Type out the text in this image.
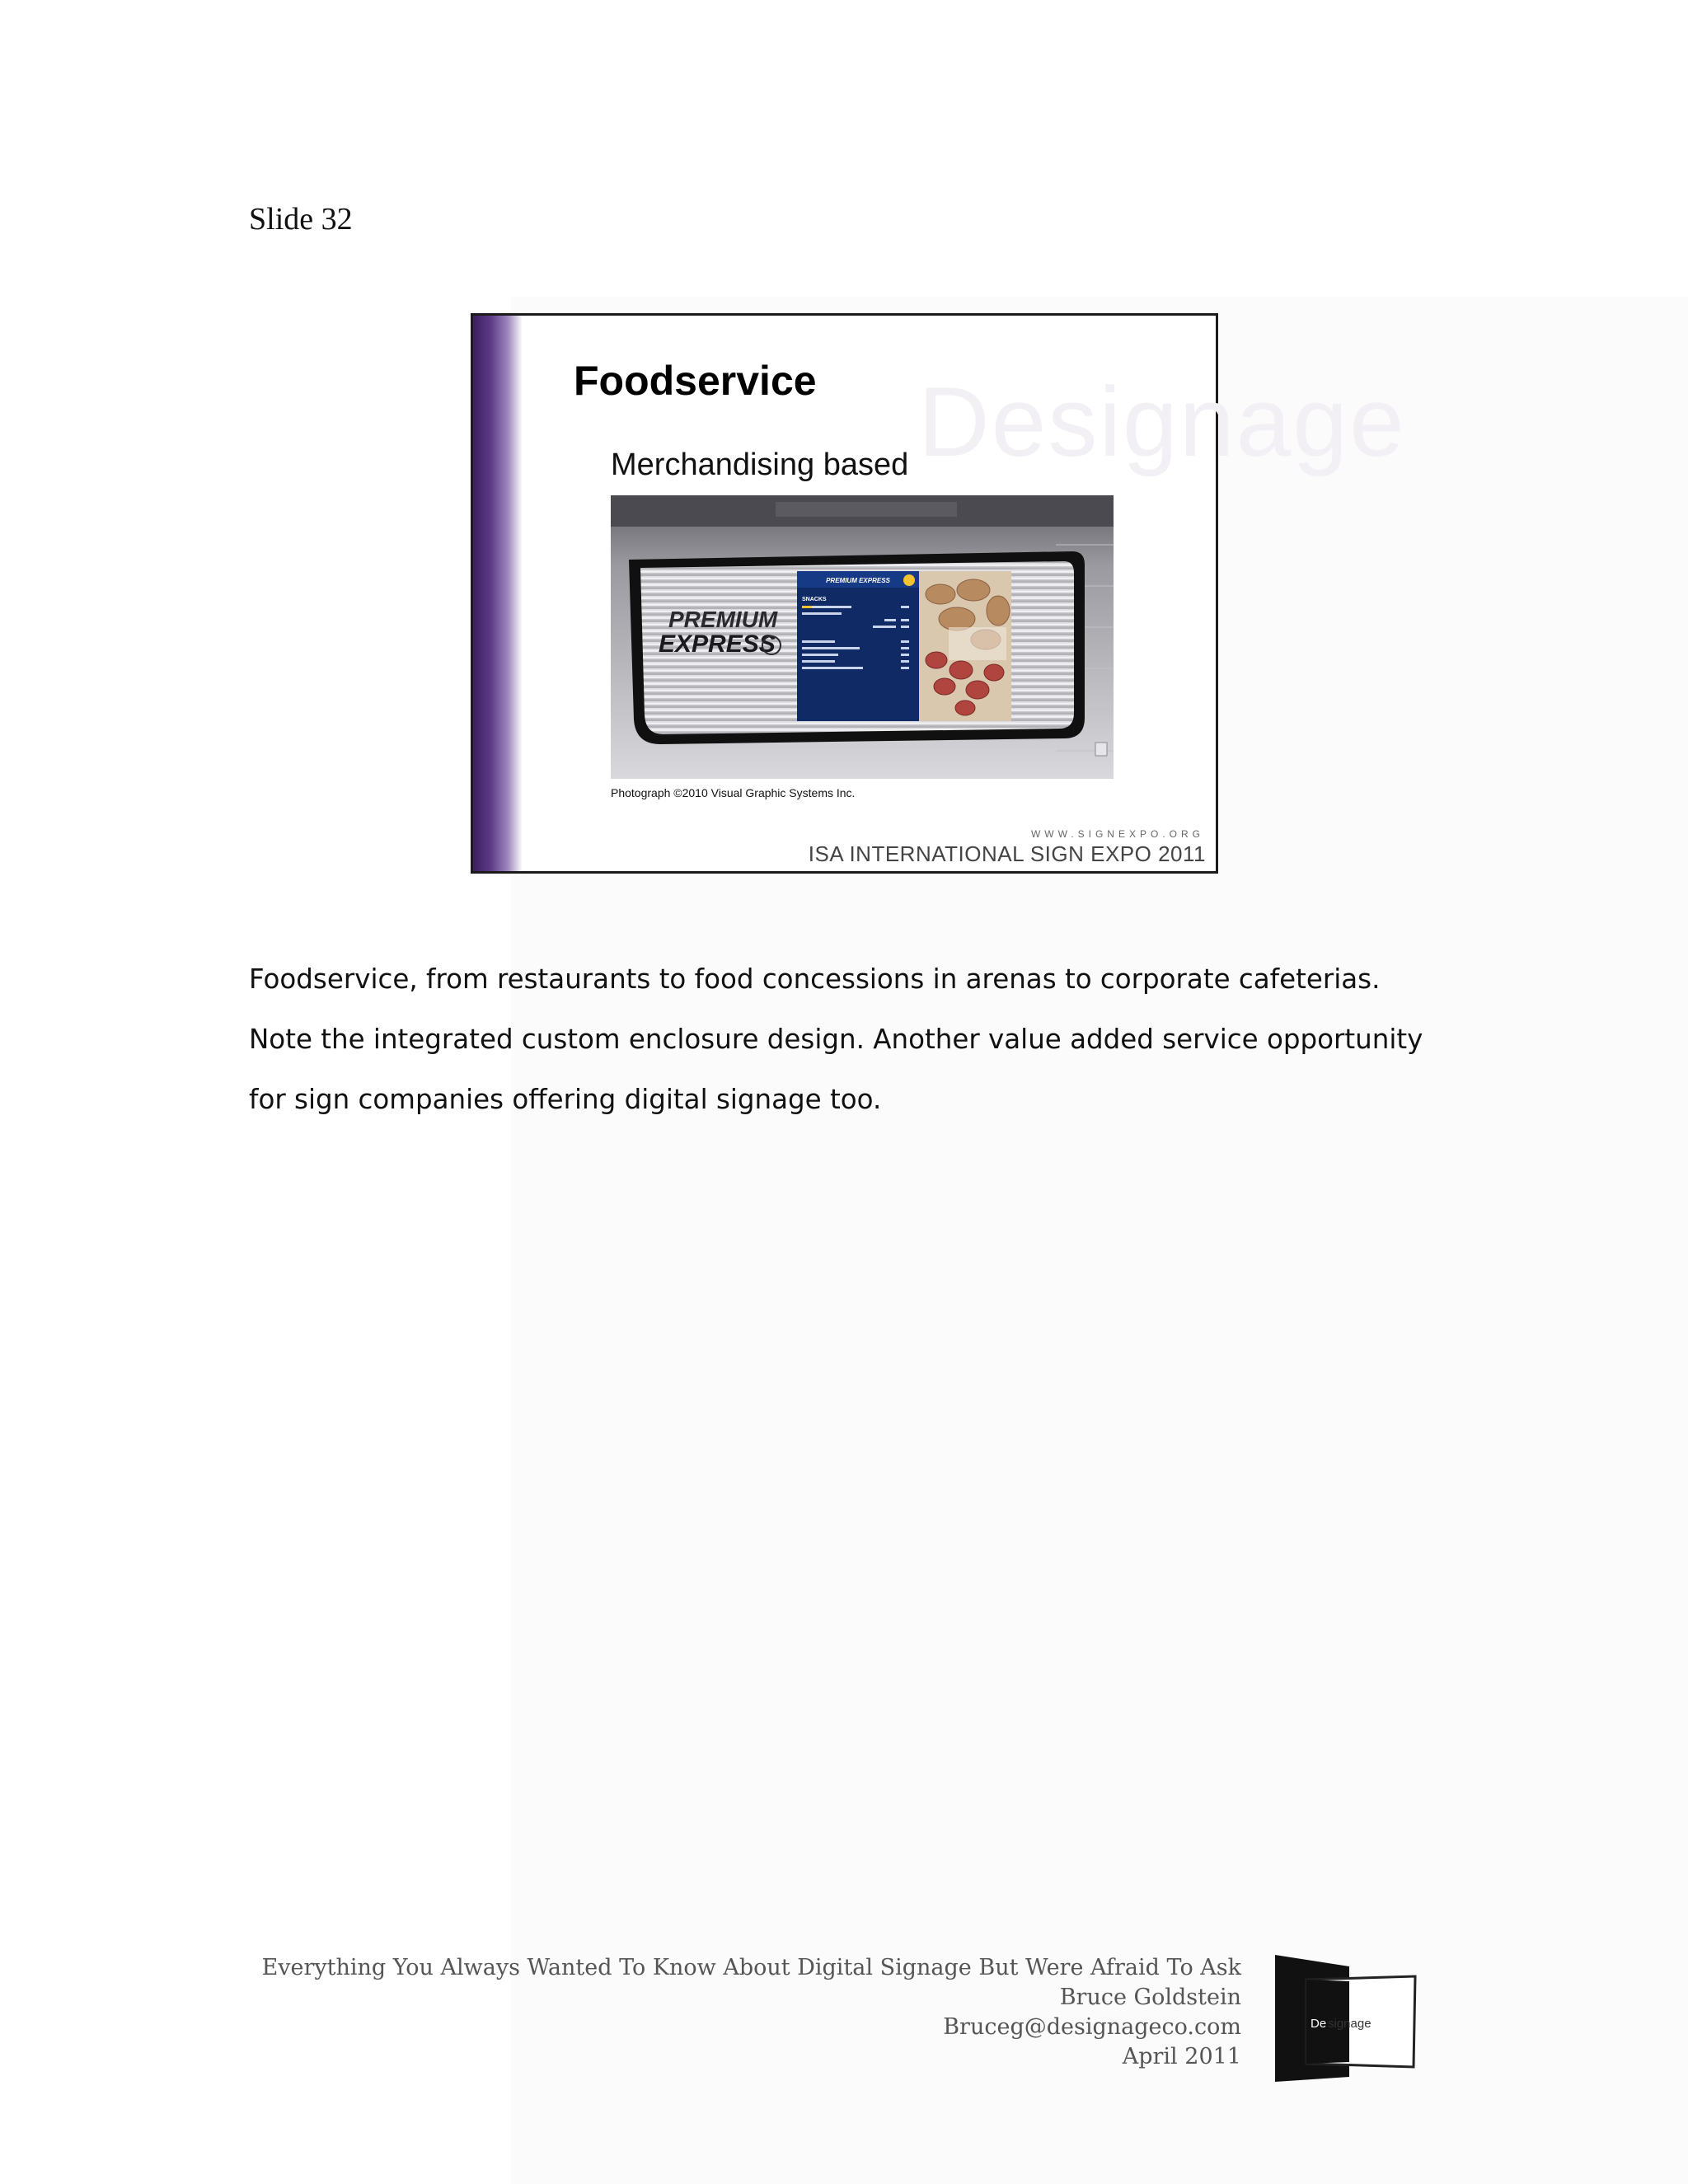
Slide 32
Designage
Foodservice
Merchandising based
PREMIUM
EXPRESS
PREMIUM EXPRESS
SNACKS
Photograph ©2010 Visual Graphic Systems Inc.
WWW.SIGNEXPO.ORG
ISA INTERNATIONAL SIGN EXPO 2011

Foodservice, from restaurants to food concessions in arenas to corporate cafeterias.

Note the integrated custom enclosure design. Another value added service opportunity

for sign companies offering digital signage too.

Everything You Always Wanted To Know About Digital Signage But Were Afraid To Ask
Bruce Goldstein
Bruceg@designageco.com
April 2011
De signage
